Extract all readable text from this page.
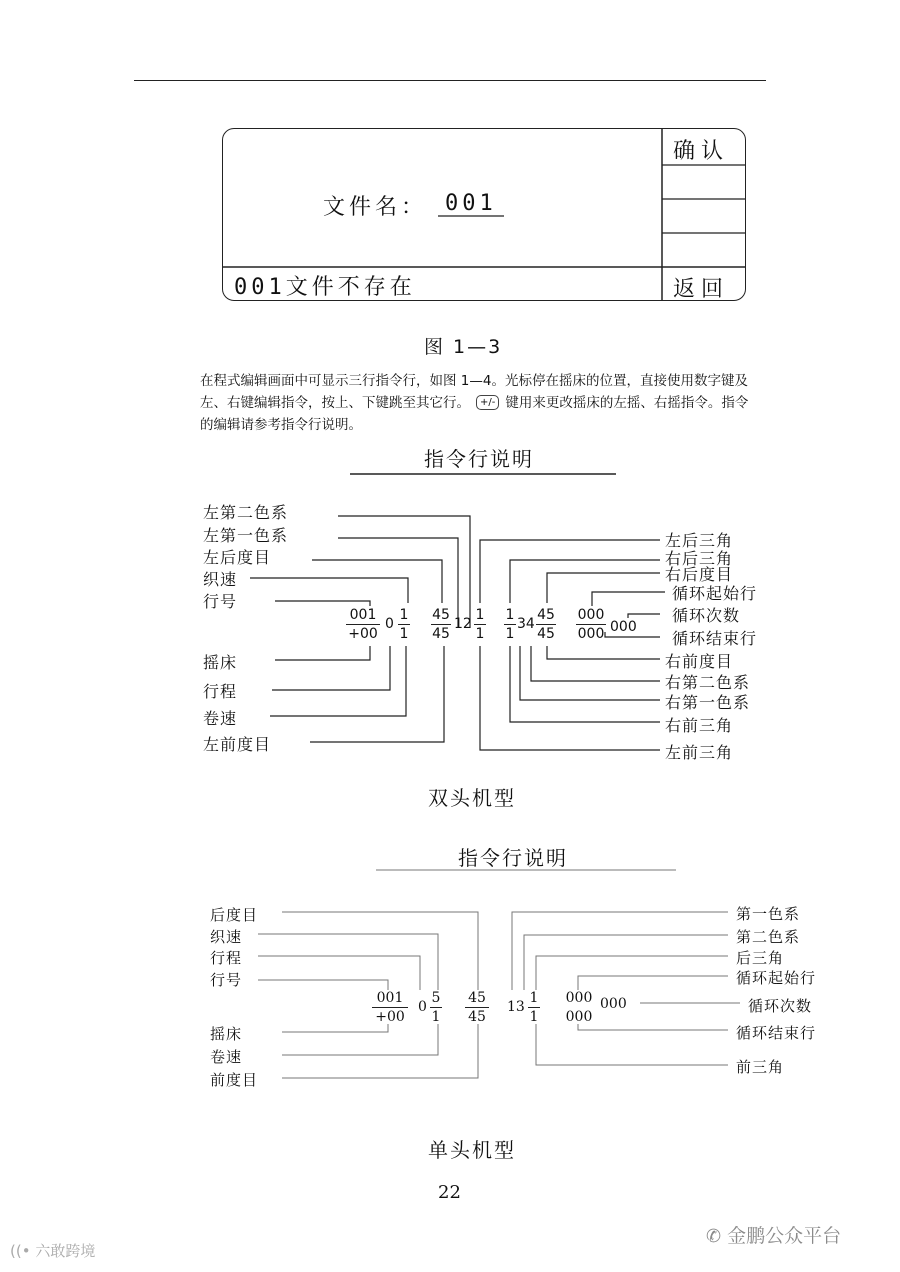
文件名： 001
001文件不存在
确认
返回
图 1—3
在程式编辑画面中可显示三行指令行，如图 1—4。光标停在摇床的位置，直接使用数字键及左、右键编辑指令，按上、下键跳至其它行。 +/- 键用来更改摇床的左摇、右摇指令。指令的编辑请参考指令行说明。
指令行说明
左第二色系
左第一色系
左后度目
织速
行号
摇床
行程
卷速
左前度目
左后三角
右后三角
右后度目
循环起始行
循环次数
循环结束行
右前度目
右第二色系
右第一色系
右前三角
左前三角
001
+00
0
1
1
45
45
12
1
1
1
1
34
45
45
000
000 000
双头机型
指令行说明
后度目
织速
行程
行号
摇床
卷速
前度目
第一色系
第二色系
后三角
循环起始行
循环次数
循环结束行
前三角
001
+00
0
5
1
45
45
13
1
1
000
000
000
单头机型
22
((• 六敢跨境
✆ 金鹏公众平台
